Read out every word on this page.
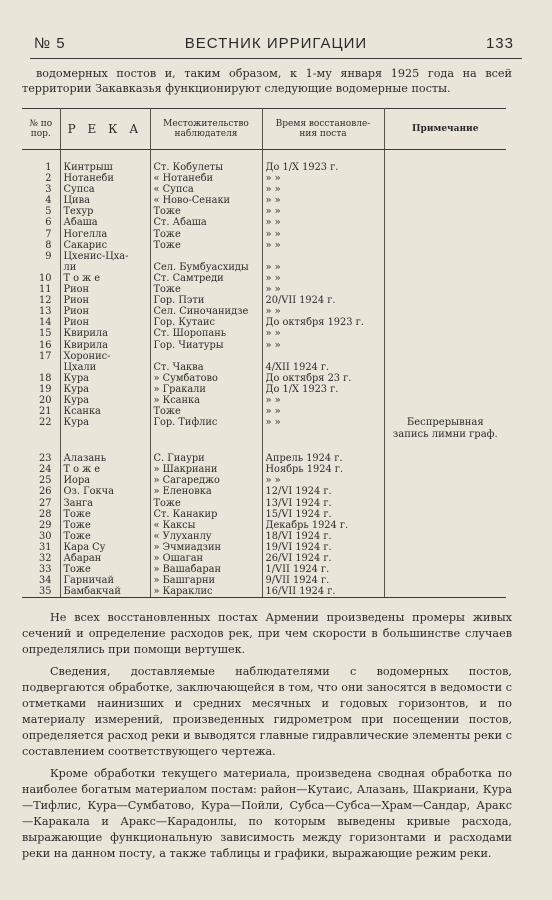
№ 5	ВЕСТНИК ИРРИГАЦИИ	133

водомерных постов и, таким образом, к 1-му января 1925 года на всей территории Закавказья функционируют следующие водомерные посты.

№ по пор.	Р Е К А	Местожительство наблюдателя	Время восстановле- ния поста	Примечание
1	Кинтрыш	Ст. Кобулеты	До 1/Х 1923 г.	
2	Нотанеби	« Нотанеби	» »	
3	Супса	« Супса	» »	
4	Цива	« Ново-Сенаки	» »	
5	Техур	Тоже	» »	
6	Абаша	Ст. Абаша	» »	
7	Ногелла	Тоже	» »	
8	Сакарис	Тоже	» »	
9	Цхенис-Цха-			
	ли	Сел. Бумбуасхиды	» »	
10	Т о ж е	Ст. Самтреди	» »	
11	Рион	Тоже	» »	
12	Рион	Гор. Пэти	20/VII 1924 г.	
13	Рион	Сел. Синочанидзе	» »	
14	Рион	Гор. Кутаис	До октября 1923 г.	
15	Квирила	Ст. Шоропань	» »	
16	Квирила	Гор. Чиатуры	» »	
17	Хоронис-			
	Цхали	Ст. Чаква	4/XII 1924 г.	
18	Кура	» Сумбатово	До октября 23 г.	
19	Кура	» Гракали	До 1/Х 1923 г.	
20	Кура	» Ксанка	» »	
21	Ксанка	Тоже	» »	
22	Кура	Гор. Тифлис	» »	Беспрерывная запись лимни граф.
23	Алазань	С. Гиаури	Апрель 1924 г.	
24	Т о ж е	» Шакриани	Ноябрь 1924 г.	
25	Иора	» Сагареджо	» »	
26	Оз. Гокча	» Еленовка	12/VI 1924 г.	
27	Занга	Тоже	13/VI 1924 г.	
28	Тоже	Ст. Канакир	15/VI 1924 г.	
29	Тоже	« Каксы	Декабрь 1924 г.	
30	Тоже	« Улуханлу	18/VI 1924 г.	
31	Кара Су	» Эчмиадзин	19/VI 1924 г.	
32	Абаран	» Ошаган	26/VI 1924 г.	
33	Тоже	» Вашабаран	1/VII 1924 г.	
34	Гарничай	» Башгарни	9/VII 1924 г.	
35	Бамбакчай	» Караклис	16/VII 1924 г.	

Не всех восстановленных постах Армении произведены промеры живых сечений и определение расходов рек, при чем скорости в большинстве случаев определялись при помощи вертушек.

Сведения, доставляемые наблюдателями с водомерных постов, подвергаются обработке, заключающейся в том, что они заносятся в ведомости с отметками наинизших и средних месячных и годовых горизонтов, и по материалу измерений, произведенных гидрометром при посещении постов, определяется расход реки и выводятся главные гидравлические элементы реки с составлением соответствующего чертежа.

Кроме обработки текущего материала, произведена сводная обработка по наиболее богатым материалом постам: район—Кутаис, Алазань, Шакриани, Кура—Тифлис, Кура—Сумбатово, Кура—Пойли, Субса—Субса—Храм—Сандар, Аракс—Каракала и Аракс—Карадонлы, по которым выведены кривые расхода, выражающие функциональную зависимость между горизонтами и расходами реки на данном посту, а также таблицы и графики, выражающие режим реки.
